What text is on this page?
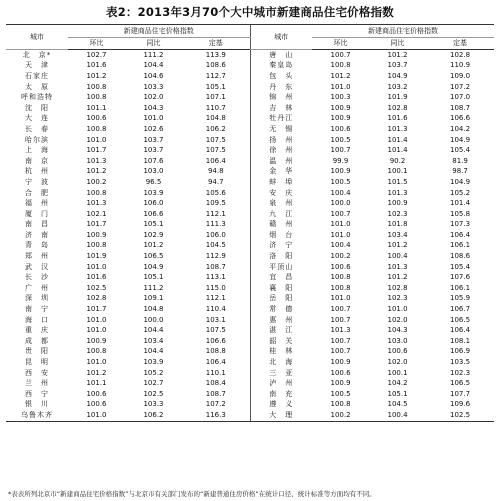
表2：2013年3月70个大中城市新建商品住宅价格指数
城市	新建商品住宅价格指数			城市	新建商品住宅价格指数		
	环比	同比	定基		环比	同比	定基
北　京*	102.7	111.2	113.9	唐　山	100.7	101.2	102.8
天　津	101.6	104.4	108.6	秦皇岛	100.8	103.7	110.9
石家庄	101.2	104.6	112.7	包　头	101.2	104.9	109.0
太　原	100.8	103.3	105.1	丹　东	101.0	103.2	107.2
呼和浩特	100.8	102.0	107.1	锦　州	100.3	101.9	107.0
沈　阳	101.1	104.3	110.7	吉　林	100.9	102.8	108.7
大　连	100.6	101.0	104.8	牡丹江	100.9	101.6	106.6
长　春	100.8	102.6	106.2	无　锡	100.6	101.3	104.2
哈尔滨	101.0	103.7	107.5	扬　州	100.5	101.4	104.9
上　海	101.7	103.7	107.5	徐　州	100.7	101.4	105.4
南　京	101.3	107.6	106.4	温　州	99.9	90.2	81.9
杭　州	101.2	103.0	94.8	金　华	100.9	100.1	98.7
宁　波	100.2	96.5	94.7	蚌　埠	100.5	101.5	104.9
合　肥	100.8	103.9	105.6	安　庆	100.4	101.3	105.2
福　州	101.3	106.0	109.5	泉　州	100.0	100.9	101.4
厦　门	102.1	106.6	112.1	九　江	100.7	102.3	105.8
南　昌	101.7	105.1	111.3	赣　州	101.0	101.8	107.3
济　南	100.9	102.9	106.0	烟　台	101.0	103.4	106.4
青　岛	100.8	101.2	104.5	济　宁	100.4	101.2	106.1
郑　州	101.9	106.5	112.9	洛　阳	100.2	100.4	108.6
武　汉	101.0	104.9	108.7	平顶山	100.6	101.3	105.4
长　沙	101.6	105.1	113.1	宜　昌	100.8	101.2	107.6
广　州	102.5	111.2	115.0	襄　阳	100.8	102.8	106.1
深　圳	102.8	109.1	112.1	岳　阳	101.0	102.3	105.9
南　宁	101.7	104.8	110.4	常　德	100.7	101.0	106.7
海　口	101.0	100.0	103.1	惠　州	100.7	102.0	106.5
重　庆	101.0	104.4	107.5	湛　江	101.3	104.3	106.4
成　都	100.9	103.4	106.6	韶　关	100.7	103.0	108.1
贵　阳	100.8	104.4	108.8	桂　林	100.7	100.6	106.9
昆　明	101.0	103.9	106.4	北　海	100.9	102.0	103.5
西　安	101.2	105.2	110.1	三　亚	100.6	100.1	102.3
兰　州	101.1	102.7	108.4	泸　州	100.9	104.2	106.5
西　宁	100.6	102.5	108.7	南　充	100.5	105.1	107.7
银　川	100.6	103.3	107.2	遵　义	100.8	104.5	109.6
乌鲁木齐	101.0	106.2	116.3	大　理	100.2	100.4	102.5
*表表所列北京市“新建商品住宅价格指数”与北京市有关部门发布的“新建普通住房价格”在统计口径、统计标准等方面均有不同。
